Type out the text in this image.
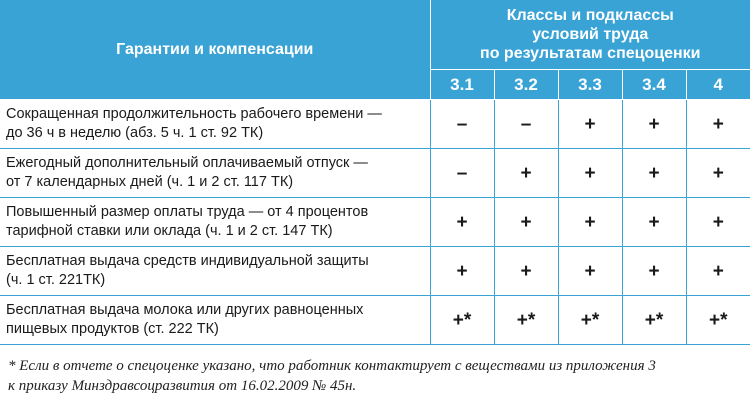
Гарантии и компенсации	Классы и подклассы
условий труда
по результатам спецоценки				

	3.1	3.2	3.3	3.4	4

Сокращенная продолжительность рабочего времени —
до 36 ч в неделю (абз. 5 ч. 1 ст. 92 ТК)	–	–	+	+	+

Ежегодный дополнительный оплачиваемый отпуск —
от 7 календарных дней (ч. 1 и 2 ст. 117 ТК)	–	+	+	+	+

Повышенный размер оплаты труда — от 4 процентов
тарифной ставки или оклада (ч. 1 и 2 ст. 147 ТК)	+	+	+	+	+

Бесплатная выдача средств индивидуальной защиты
(ч. 1 ст. 221ТК)	+	+	+	+	+

Бесплатная выдача молока или других равноценных
пищевых продуктов (ст. 222 ТК)	+*	+*	+*	+*	+*
* Если в отчете о спецоценке указано, что работник контактирует с веществами из приложения 3
к приказу Минздравсоцразвития от 16.02.2009 № 45н.
